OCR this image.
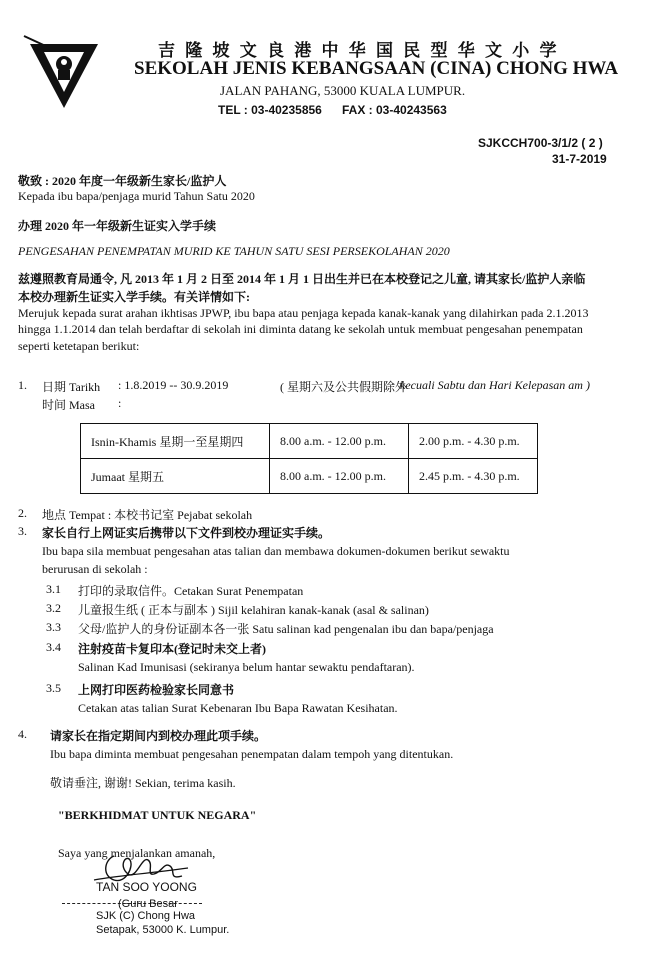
吉 隆 坡 文 良 港 中 华 国 民 型 华 文 小 学
SEKOLAH JENIS KEBANGSAAN (CINA) CHONG HWA
JALAN PAHANG, 53000 KUALA LUMPUR.
TEL : 03-40235856 FAX : 03-40243563
SJKCCH700-3/1/2 ( 2 )
31-7-2019
敬致 : 2020 年度一年级新生家长/监护人
Kepada ibu bapa/penjaga murid Tahun Satu 2020
办理 2020 年一年级新生证实入学手续
PENGESAHAN PENEMPATAN MURID KE TAHUN SATU SESI PERSEKOLAHAN 2020
兹遵照教育局通令, 凡 2013 年 1 月 2 日至 2014 年 1 月 1 日出生并已在本校登记之儿童, 请其家长/监护人亲临
本校办理新生证实入学手续。有关详情如下:
Merujuk kepada surat arahan ikhtisas JPWP, ibu bapa atau penjaga kepada kanak-kanak yang dilahirkan pada 2.1.2013
hingga 1.1.2014 dan telah berdaftar di sekolah ini diminta datang ke sekolah untuk membuat pengesahan penempatan
seperti ketetapan berikut:
1. 日期 Tarikh : 1.8.2019 -- 30.9.2019	( 星期六及公共假期除外
kecuali Sabtu dan Hari Kelepasan am )
时间 Masa :
Isnin-Khamis 星期一至星期四	8.00 a.m. - 12.00 p.m.	2.00 p.m. - 4.30 p.m.
Jumaat 星期五	8.00 a.m. - 12.00 p.m.	2.45 p.m. - 4.30 p.m.
2. 地点 Tempat : 本校书记室 Pejabat sekolah
3. 家长自行上网证实后携带以下文件到校办理证实手续。
Ibu bapa sila membuat pengesahan atas talian dan membawa dokumen-dokumen berikut sewaktu
berurusan di sekolah :
3.1 打印的录取信件。Cetakan Surat Penempatan
3.2 儿童报生纸 ( 正本与副本 ) Sijil kelahiran kanak-kanak (asal & salinan)
3.3 父母/监护人的身份证副本各一张 Satu salinan kad pengenalan ibu dan bapa/penjaga
3.4 注射疫苗卡复印本(登记时未交上者)
Salinan Kad Imunisasi (sekiranya belum hantar sewaktu pendaftaran).
3.5 上网打印医药检验家长同意书
Cetakan atas talian Surat Kebenaran Ibu Bapa Rawatan Kesihatan.
4. 请家长在指定期间内到校办理此项手续。
Ibu bapa diminta membuat pengesahan penempatan dalam tempoh yang ditentukan.
敬请垂注, 谢谢! Sekian, terima kasih.
"BERKHIDMAT UNTUK NEGARA"
Saya yang menjalankan amanah,
TAN SOO YOONG
(Guru Besar
SJK (C) Chong Hwa
Setapak, 53000 K. Lumpur.
